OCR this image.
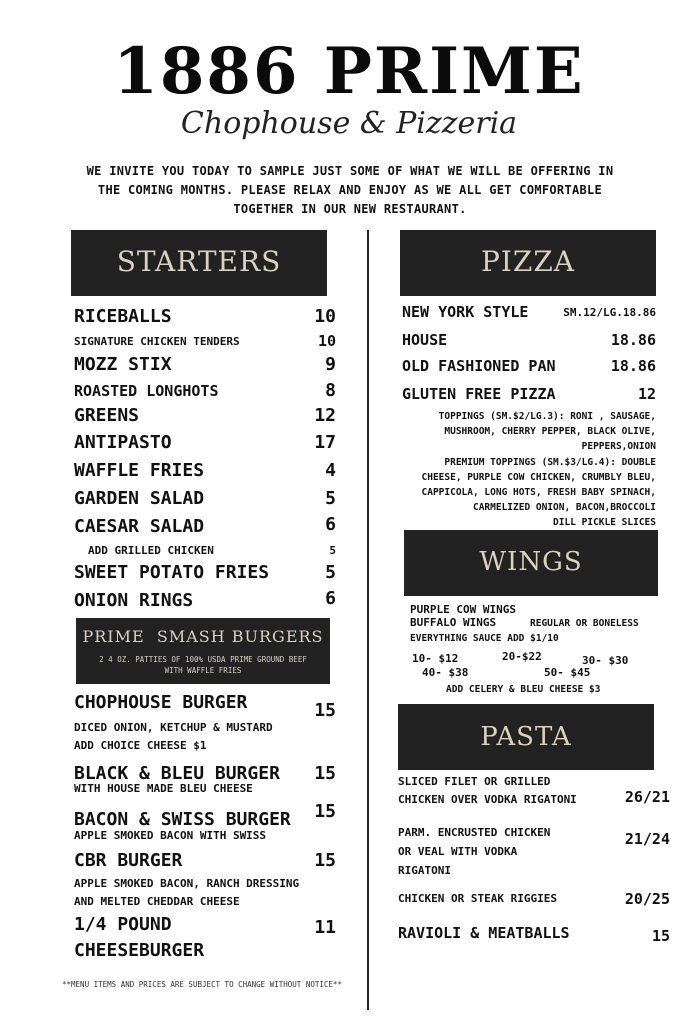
1886 PRIME
Chophouse & Pizzeria
WE INVITE YOU TODAY TO SAMPLE JUST SOME OF WHAT WE WILL BE OFFERING IN
THE COMING MONTHS. PLEASE RELAX AND ENJOY AS WE ALL GET COMFORTABLE
TOGETHER IN OUR NEW RESTAURANT.
STARTERS
RICEBALLS	10
SIGNATURE CHICKEN TENDERS	10
MOZZ STIX	9
ROASTED LONGHOTS	8
GREENS	12
ANTIPASTO	17
WAFFLE FRIES	4
GARDEN SALAD	5
CAESAR SALAD	6
ADD GRILLED CHICKEN	5
SWEET POTATO FRIES	5
ONION RINGS	6
PRIME  SMASH BURGERS
2 4 OZ. PATTIES OF 100% USDA PRIME GROUND BEEF
WITH WAFFLE FRIES
CHOPHOUSE BURGER	15
DICED ONION, KETCHUP & MUSTARD
ADD CHOICE CHEESE $1
BLACK & BLEU BURGER	15
WITH HOUSE MADE BLEU CHEESE
BACON & SWISS BURGER	15
APPLE SMOKED BACON WITH SWISS
CBR BURGER	15
APPLE SMOKED BACON, RANCH DRESSING
AND MELTED CHEDDAR CHEESE
1/4 POUND	11
CHEESEBURGER
PIZZA
NEW YORK STYLE	SM.12/LG.18.86
HOUSE	18.86
OLD FASHIONED PAN	18.86
GLUTEN FREE PIZZA	12
TOPPINGS (SM.$2/LG.3): RONI , SAUSAGE,
MUSHROOM, CHERRY PEPPER, BLACK OLIVE,
PEPPERS,ONION
PREMIUM TOPPINGS (SM.$3/LG.4): DOUBLE
CHEESE, PURPLE COW CHICKEN, CRUMBLY BLEU,
CAPPICOLA, LONG HOTS, FRESH BABY SPINACH,
CARMELIZED ONION, BACON,BROCCOLI
DILL PICKLE SLICES
WINGS
PURPLE COW WINGS
BUFFALO WINGS	REGULAR OR BONELESS
EVERYTHING SAUCE ADD $1/10
10- $12	20-$22	30- $30
40- $38	50- $45
ADD CELERY & BLEU CHEESE $3
PASTA
SLICED FILET OR GRILLED
CHICKEN OVER VODKA RIGATONI	26/21
PARM. ENCRUSTED CHICKEN
OR VEAL WITH VODKA
RIGATONI
21/24
CHICKEN OR STEAK RIGGIES	20/25
RAVIOLI & MEATBALLS	15
**MENU ITEMS AND PRICES ARE SUBJECT TO CHANGE WITHOUT NOTICE**
